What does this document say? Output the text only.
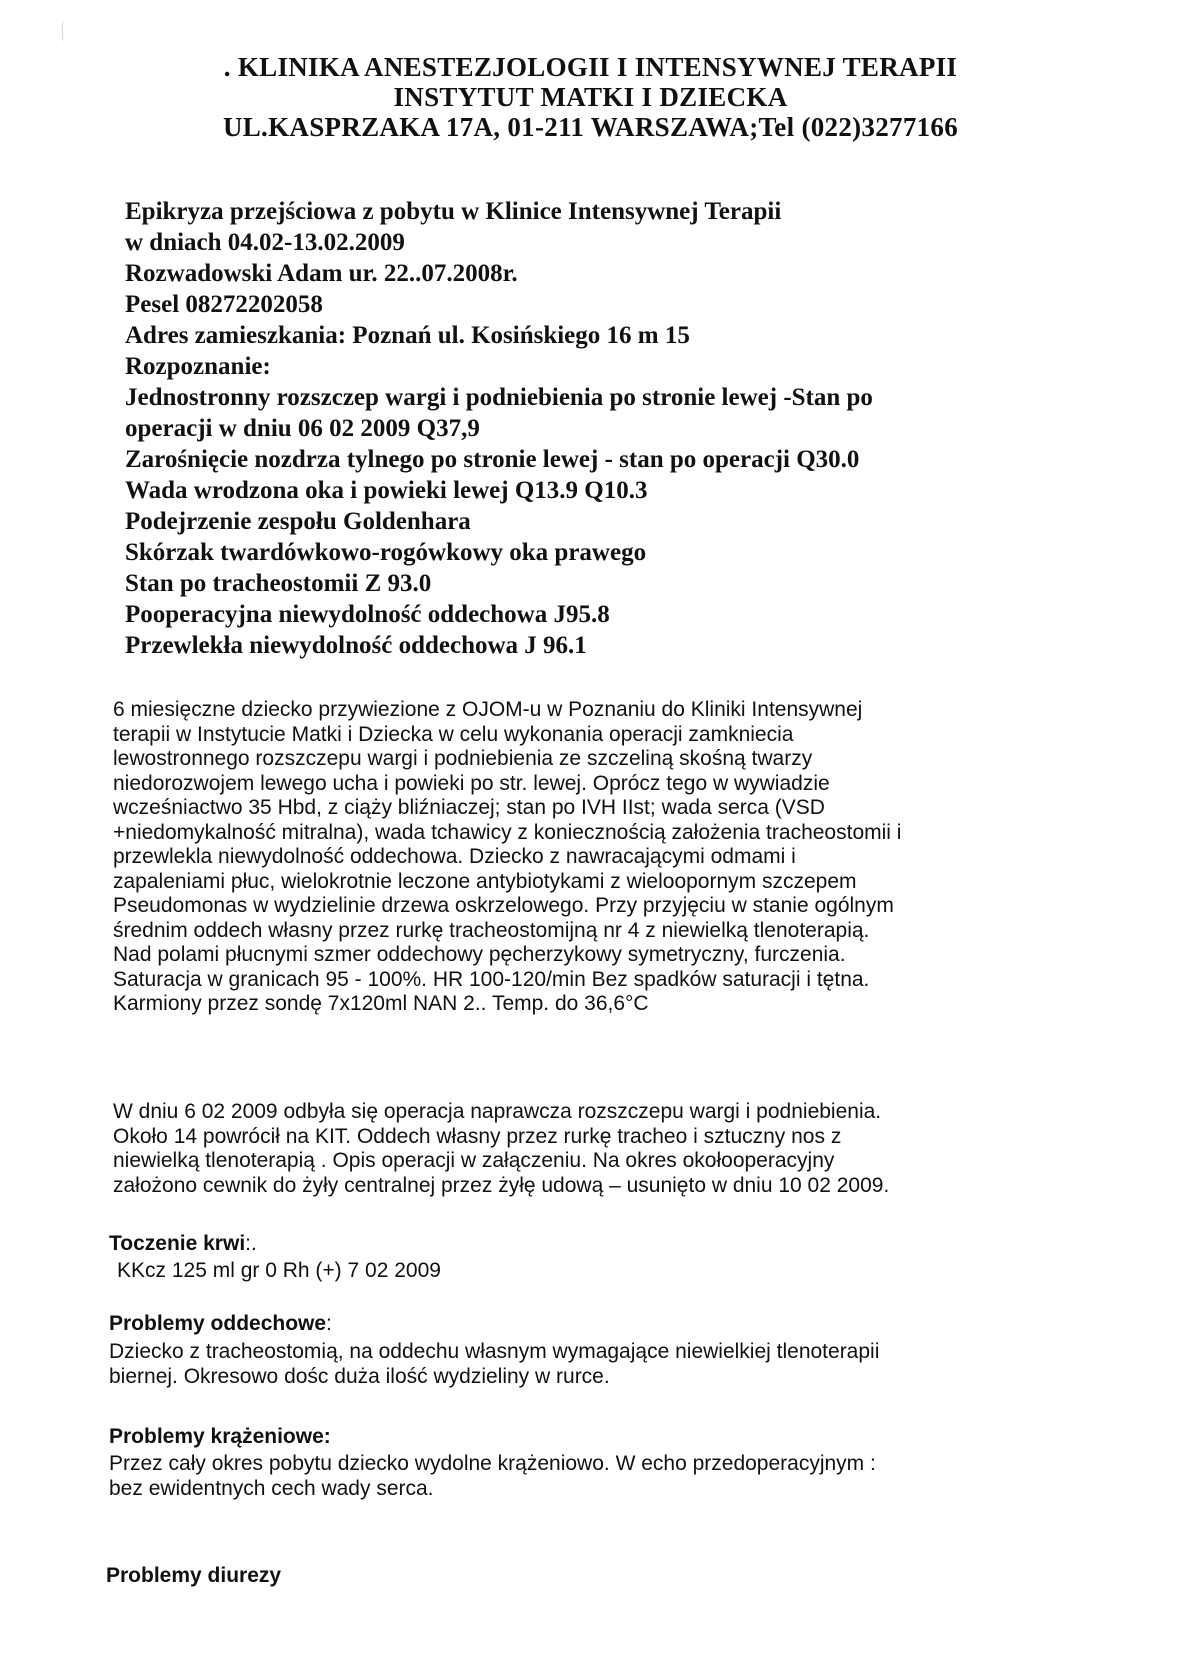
. KLINIKA ANESTEZJOLOGII I INTENSYWNEJ TERAPII
INSTYTUT MATKI I DZIECKA
UL.KASPRZAKA 17A, 01-211 WARSZAWA;Tel (022)3277166
Epikryza przejściowa z pobytu w Klinice Intensywnej Terapii
w dniach 04.02-13.02.2009
Rozwadowski Adam ur. 22..07.2008r.
Pesel 08272202058
Adres zamieszkania: Poznań ul. Kosińskiego 16 m 15
Rozpoznanie:
Jednostronny rozszczep wargi i podniebienia po stronie lewej -Stan po
operacji w dniu 06 02 2009 Q37,9
Zarośnięcie nozdrza tylnego po stronie lewej - stan po operacji Q30.0
Wada wrodzona oka i powieki lewej Q13.9 Q10.3
Podejrzenie zespołu Goldenhara
Skórzak twardówkowo-rogówkowy oka prawego
Stan po tracheostomii Z 93.0
Pooperacyjna niewydolność oddechowa J95.8
Przewlekła niewydolność oddechowa J 96.1

6 miesięczne dziecko przywiezione z OJOM-u w Poznaniu do Kliniki Intensywnej

terapii w Instytucie Matki i Dziecka w celu wykonania operacji zamkniecia

lewostronnego rozszczepu wargi i podniebienia ze szczeliną skośną twarzy

niedorozwojem lewego ucha i powieki po str. lewej. Oprócz tego w wywiadzie

wcześniactwo 35 Hbd, z ciąży bliźniaczej; stan po IVH IIst; wada serca (VSD

+niedomykalność mitralna), wada tchawicy z koniecznością założenia tracheostomii i

przewlekla niewydolność oddechowa. Dziecko z nawracającymi odmami i

zapaleniami płuc, wielokrotnie leczone antybiotykami z wieloopornym szczepem

Pseudomonas w wydzielinie drzewa oskrzelowego. Przy przyjęciu w stanie ogólnym

średnim oddech własny przez rurkę tracheostomijną nr 4 z niewielką tlenoterapią.

Nad polami płucnymi szmer oddechowy pęcherzykowy symetryczny, furczenia.

Saturacja w granicach 95 - 100%. HR 100-120/min Bez spadków saturacji i tętna.

Karmiony przez sondę 7x120ml NAN 2.. Temp. do 36,6°C

W dniu 6 02 2009 odbyła się operacja naprawcza rozszczepu wargi i podniebienia.

Około 14 powrócił na KIT. Oddech własny przez rurkę tracheo i sztuczny nos z

niewielką tlenoterapią . Opis operacji w załączeniu. Na okres okołooperacyjny

założono cewnik do żyły centralnej przez żyłę udową – usunięto w dniu 10 02 2009.

Toczenie krwi:.

KKcz 125 ml gr 0 Rh (+) 7 02 2009

Problemy oddechowe:

Dziecko z tracheostomią, na oddechu własnym wymagające niewielkiej tlenoterapii

biernej. Okresowo dośc duża ilość wydzieliny w rurce.

Problemy krążeniowe:

Przez cały okres pobytu dziecko wydolne krążeniowo. W echo przedoperacyjnym :

bez ewidentnych cech wady serca.

Problemy diurezy
